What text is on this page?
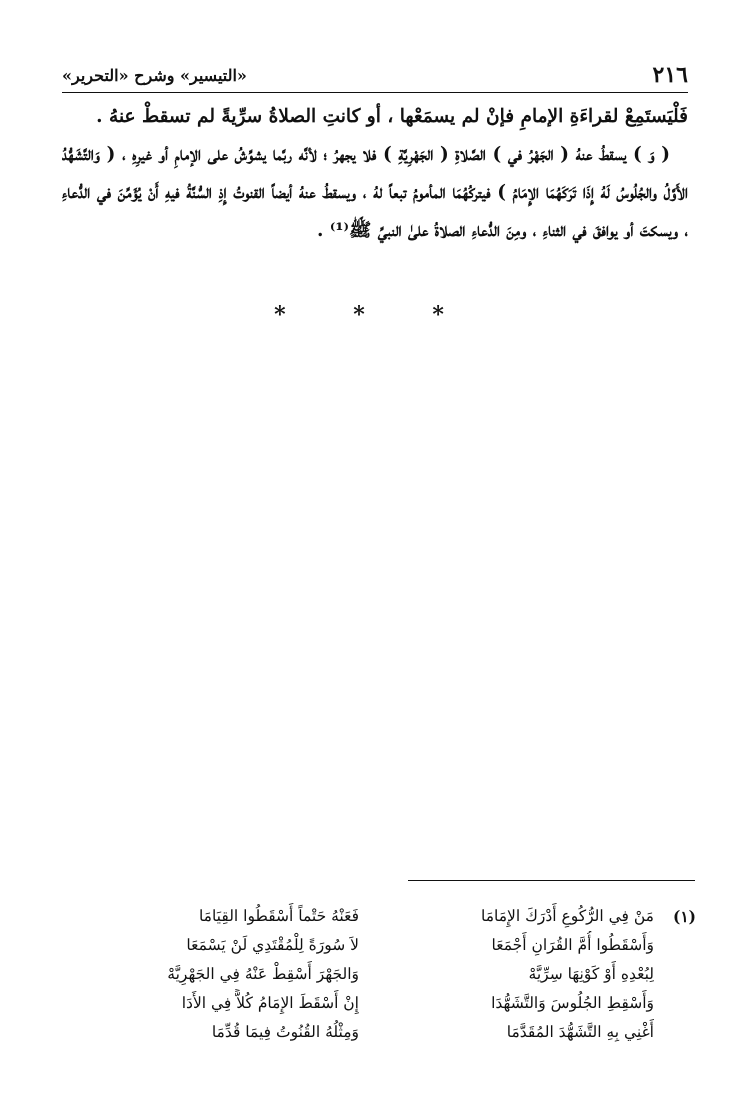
٢١٦
«التيسير» وشرح «التحرير»

فَلْيَستَمِعْ لقراءَةِ الإمامِ فإنْ لم يسمَعْها ، أو كانتِ الصلاةُ سرِّيةً لم تسقطْ عنهُ .

( وَ ) يسقطُ عنهُ ( الجَهْرُ في ) الصَّلاةِ ( الجَهْرِيَّةِ ) فلا يجهرُ ؛ لأنَّه ربَّما يشوِّشُ على الإمامِ أو غيرِهِ ، ( وَالتَّشَهُّدُ الأَوَّلُ والجُلُوسُ لَهُ إِذَا تَرَكَهُمَا الإِمَامُ ) فيتركُهُمَا المأمومُ تبعاً لهُ ، ويسقطُ عنهُ أيضاً القنوتُ إِذِ السُّنَّةُ فيهِ أَنْ يُؤَمِّنَ في الدُّعاءِ ، ويسكتَ أو يوافقَ في الثناءِ ، ومِنَ الدُّعاءِ الصلاةُ علىٰ النبيِّ ﷺ⁽¹⁾ .

* * *
(١)
مَنْ فِي الرُّكُوعِ أَدْرَكَ الإِمَامَا
فَعَنْهُ حَتْماً أَسْقَطُوا القِيَامَا
وَأَسْقَطُوا أُمَّ القُرَانِ أَجْمَعَا
لاَ سُورَةً لِلْمُقْتَدِي لَنْ يَسْمَعَا
لِبُعْدِهِ أَوْ كَوْنِهَا سِرِّيَّهْ
وَالجَهْرَ أَسْقِطْ عَنْهُ فِي الجَهْرِيَّهْ
وَأَسْقِطِ الجُلُوسَ وَالتَّشَهُّدَا
إِنْ أَسْقَطَ الإِمَامُ كُلاًّ فِي الأَدَا
أَغْنِي بِهِ التَّشَهُّدَ المُقَدَّمَا
وَمِثْلُهُ القُنُوتُ فِيمَا قُدِّمَا
